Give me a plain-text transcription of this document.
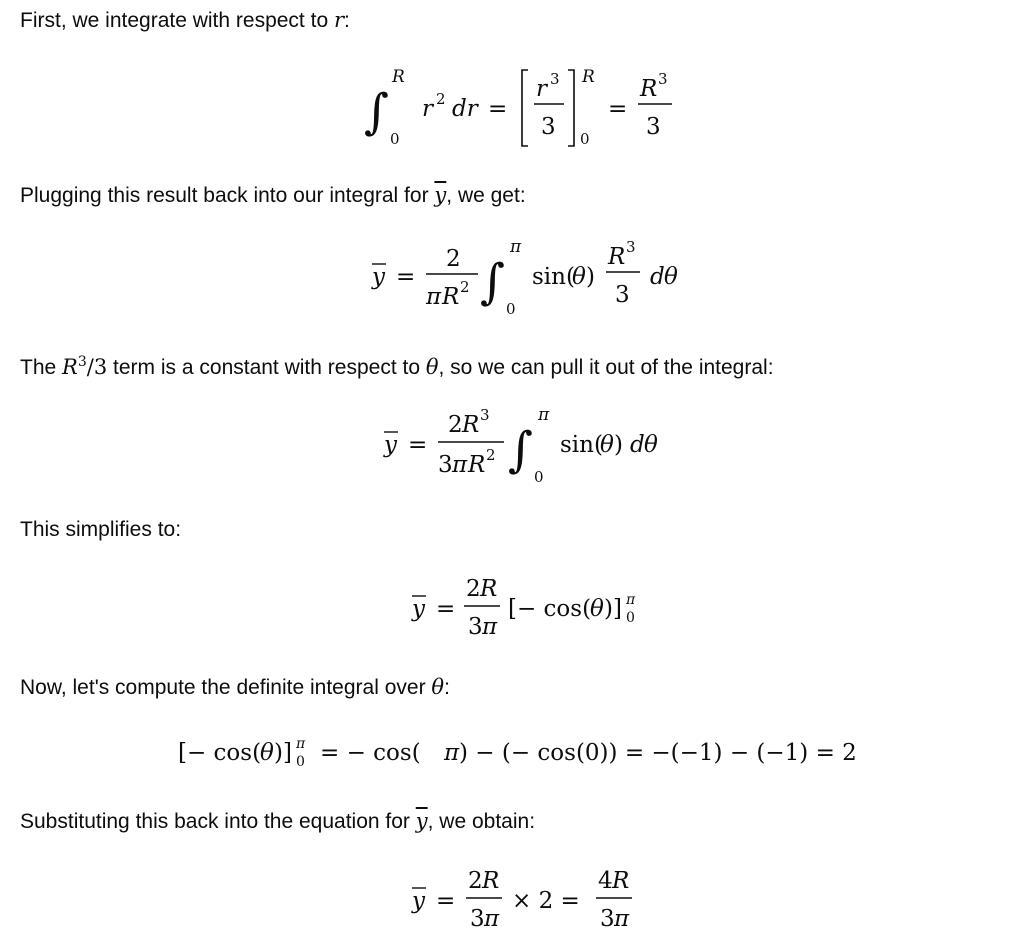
First, we integrate with respect to r:
∫
R
0
r 2 dr =
r 3
3
R
0
=
R 3
3
Plugging this result back into our integral for $\overline{y}$, we get:
y =
2
π R 2 ∫
π
0
sin(
θ )
R 3
3
d θ
The $R^3/3$ term is a constant with respect to θ, so we can pull it out of the integral:
y =
2 R 3
3 π R 2 ∫
π
0
sin(
θ ) d θ
This simplifies to:
y =
2 R
3 π
[− cos(
θ )] π
0
Now, let's compute the definite integral over θ:
[− cos(
θ )] π
0 = − cos( π ) − (− cos(0)) = −(−1) − (−1) = 2
Substituting this back into the equation for $\overline{y}$, we obtain:
y =
2 R
3 π
× 2 =
4 R
3 π
